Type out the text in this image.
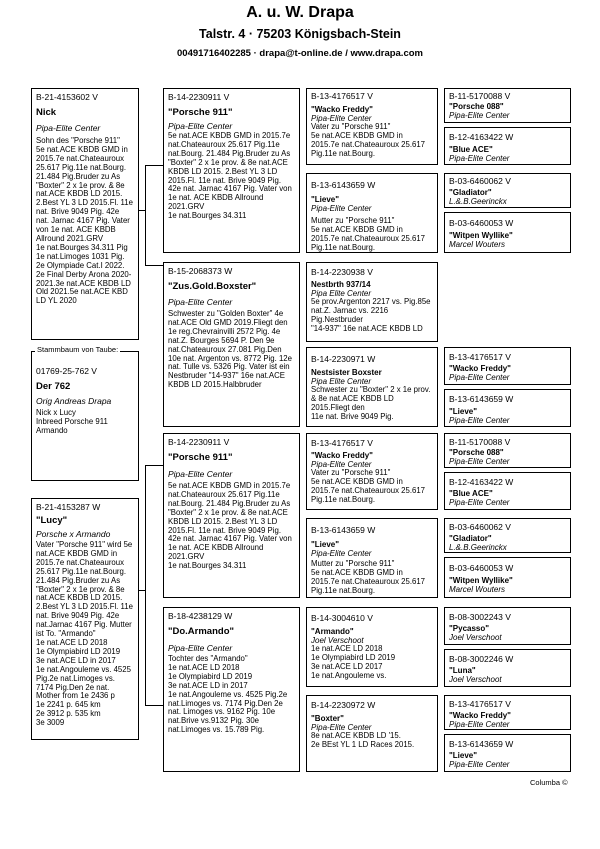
A. u. W. Drapa
Talstr. 4 · 75203 Königsbach-Stein
00491716402285 · drapa@t-online.de / www.drapa.com
B-21-4153602 V
Nick
Pipa-Elite Center
Sohn des "Porsche 911"
5e nat.ACE KBDB GMD in 2015.7e nat.Chateauroux 25.617 Pig.11e nat.Bourg. 21.484 Pig.Bruder zu As "Boxter" 2 x 1e prov. & 8e nat.ACE KBDB LD 2015. 2.Best YL 3 LD 2015.Fl. 11e nat. Brive 9049 Pig. 42e nat. Jarnac 4167 Pig. Vater von 1e nat. ACE KBDB Allround 2021.GRV
1e nat.Bourges 34.311 Pig
1e nat.Limoges 1031 Pig.
2e Olympiade Cat.I 2022.
2e Final Derby Arona 2020-2021.3e nat.ACE KBDB LD Old 2021.5e nat.ACE KBD LD YL 2020
01769-25-762 V
Der 762
Orig Andreas Drapa
Nick x Lucy
Inbreed Porsche 911 Armando
Stammbaum von Taube:
B-21-4153287 W
"Lucy"
Porsche x Armando
Vater "Porsche 911" wird 5e nat.ACE KBDB GMD in 2015.7e nat.Chateauroux 25.617 Pig.11e nat.Bourg. 21.484 Pig.Bruder zu As "Boxter" 2 x 1e prov. & 8e nat.ACE KBDB LD 2015. 2.Best YL 3 LD 2015.Fl. 11e nat. Brive 9049 Pig. 42e nat.Jarnac 4167 Pig. Mutter ist To. "Armando"
1e nat.ACE LD 2018
1e Olympiabird LD 2019
3e nat.ACE LD in 2017
1e nat.Angouleme vs. 4525 Pig.2e nat.Limoges vs. 7174 Pig.Den 2e nat. Mother from 1e 2436 p
1e 2241 p. 645 km
2e 3912 p. 535 km
3e 3009
B-14-2230911 V
"Porsche 911"
Pipa-Elite Center
5e nat.ACE KBDB GMD in 2015.7e nat.Chateauroux 25.617 Pig.11e nat.Bourg. 21.484 Pig.Bruder zu As "Boxter" 2 x 1e prov. & 8e nat.ACE KBDB LD 2015. 2.Best YL 3 LD 2015.Fl. 11e nat. Brive 9049 Pig. 42e nat. Jarnac 4167 Pig. Vater von 1e nat. ACE KBDB Allround 2021.GRV
1e nat.Bourges 34.311
B-15-2068373 W
"Zus.Gold.Boxster"
Pipa-Elite Center
Schwester zu "Golden Boxter" 4e nat.ACE Old GMD 2019.Fliegt den 1e reg.Chevrainvilli 2572 Pig. 4e nat.Z. Bourges 5694 P. Den 9e nat.Chateauroux 27.081 Pig.Den 10e nat. Argenton vs. 8772 Pig. 12e nat. Tulle vs. 5326 Pig. Vater ist ein Nestbruder "14-937" 16e nat.ACE KBDB LD 2015.Halbbruder
B-14-2230911 V
"Porsche 911"
Pipa-Elite Center
5e nat.ACE KBDB GMD in 2015.7e nat.Chateauroux 25.617 Pig.11e nat.Bourg. 21.484 Pig.Bruder zu As "Boxter" 2 x 1e prov. & 8e nat.ACE KBDB LD 2015. 2.Best YL 3 LD 2015.Fl. 11e nat. Brive 9049 Pig. 42e nat. Jarnac 4167 Pig. Vater von 1e nat. ACE KBDB Allround 2021.GRV
1e nat.Bourges 34.311
B-18-4238129 W
"Do.Armando"
Pipa-Elite Center
Tochter des "Armando"
1e nat.ACE LD 2018
1e Olympiabird LD 2019
3e nat.ACE LD in 2017
1e nat.Angouleme vs. 4525 Pig.2e nat.Limoges vs. 7174 Pig.Den 2e nat. Limoges vs. 9162 Pig. 10e nat.Brive vs.9132 Pig. 30e nat.Limoges vs. 15.789 Pig.
B-13-4176517 V
"Wacko Freddy"
Pipa-Elite Center
Vater zu "Porsche 911"
5e nat.ACE KBDB GMD in 2015.7e nat.Chateauroux 25.617 Pig.11e nat.Bourg.
B-13-6143659 W
"Lieve"
Pipa-Elite Center
Mutter zu "Porsche 911"
5e nat.ACE KBDB GMD in 2015.7e nat.Chateauroux 25.617 Pig.11e nat.Bourg.
B-14-2230938 V
Nestbrth 937/14
Pipa Elite Center
5e prov.Argenton 2217 vs. Pig.85e nat.Z. Jarnac vs. 2216 Pig.Nestbruder
"14-937" 16e nat.ACE KBDB LD
B-14-2230971 W
Nestsister Boxster
Pipa Elite Center
Schwester zu "Boxter" 2 x 1e prov. & 8e nat.ACE KBDB LD 2015.Fliegt den
11e nat. Brive 9049 Pig.
B-13-4176517 V
"Wacko Freddy"
Pipa-Elite Center
Vater zu "Porsche 911"
5e nat.ACE KBDB GMD in 2015.7e nat.Chateauroux 25.617 Pig.11e nat.Bourg.
B-13-6143659 W
"Lieve"
Pipa-Elite Center
Mutter zu "Porsche 911"
5e nat.ACE KBDB GMD in 2015.7e nat.Chateauroux 25.617 Pig.11e nat.Bourg.
B-14-3004610 V
"Armando"
Joel Verschoot
1e nat.ACE LD 2018
1e Olympiabird LD 2019
3e nat.ACE LD 2017
1e nat.Angouleme vs.
B-14-2230972 W
"Boxter"
Pipa-Elite Center
8e nat.ACE KBDB LD '15.
2e BEst YL 1 LD Races 2015.
B-11-5170088 V
"Porsche 088"
Pipa-Elite Center
B-12-4163422 W
"Blue ACE"
Pipa-Elite Center
B-03-6460062 V
"Gladiator"
L.&.B.Geerinckx
B-03-6460053 W
"Witpen Wyllike"
Marcel Wouters
B-13-4176517 V
"Wacko Freddy"
Pipa-Elite Center
B-13-6143659 W
"Lieve"
Pipa-Elite Center
B-11-5170088 V
"Porsche 088"
Pipa-Elite Center
B-12-4163422 W
"Blue ACE"
Pipa-Elite Center
B-03-6460062 V
"Gladiator"
L.&.B.Geerinckx
B-03-6460053 W
"Witpen Wyllike"
Marcel Wouters
B-08-3002243 V
"Pycasso"
Joel Verschoot
B-08-3002246 W
"Luna"
Joel Verschoot
B-13-4176517 V
"Wacko Freddy"
Pipa-Elite Center
B-13-6143659 W
"Lieve"
Pipa-Elite Center
Columba ©
